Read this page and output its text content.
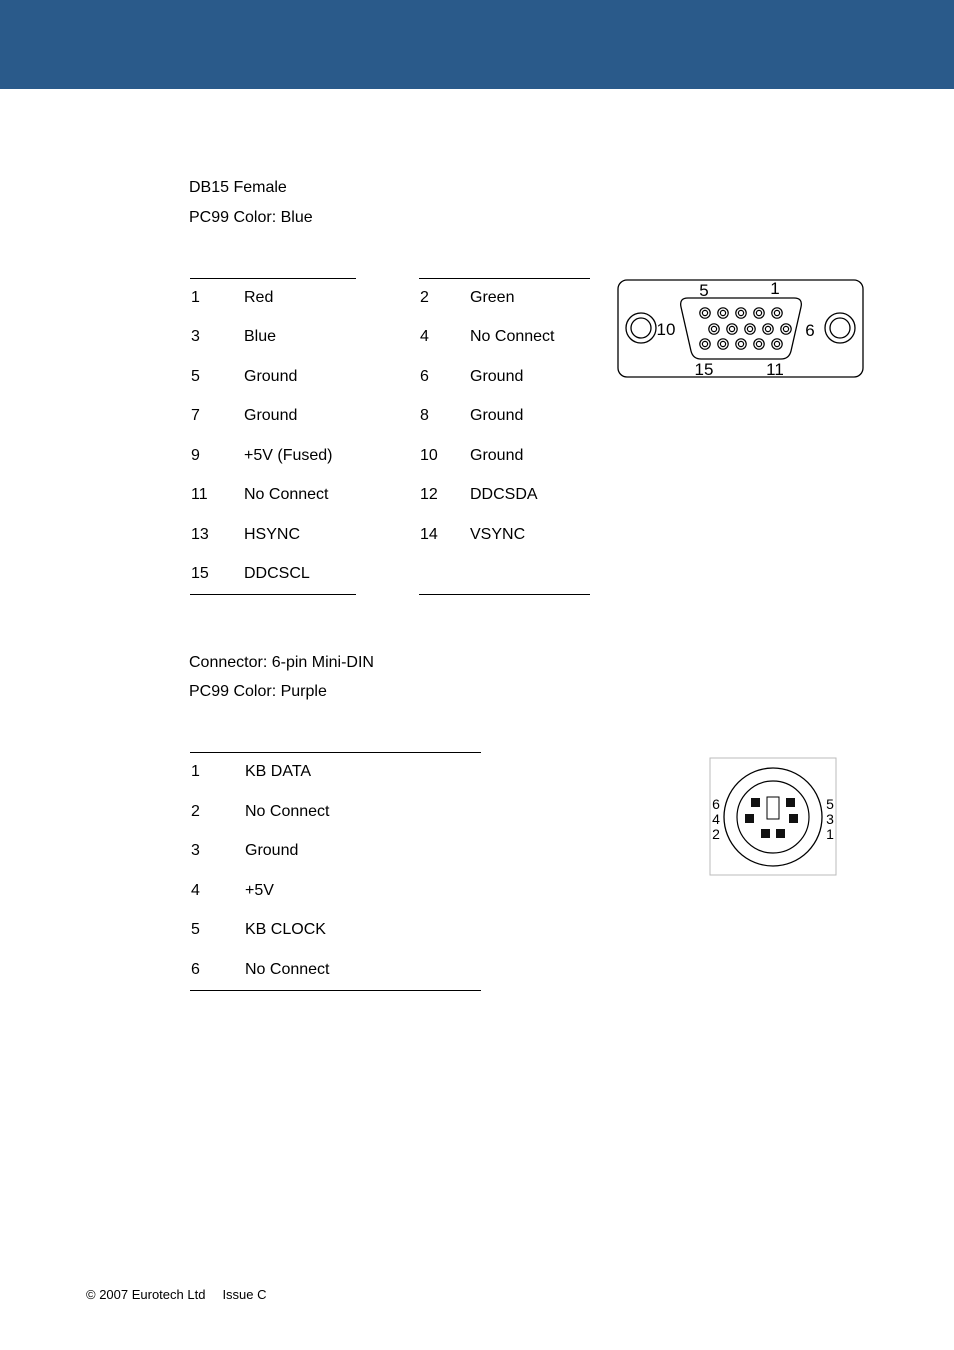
DB15 Female
PC99 Color: Blue
1	Red
3	Blue
5	Ground
7	Ground
9	+5V (Fused)
11 No Connect
13 HSYNC
15 DDCSCL
2	Green
4	No Connect
6	Ground
8	Ground
10 Ground
12 DDCSDA
14 VSYNC
5	1
10	6
15	11
Connector: 6-pin Mini-DIN
PC99 Color: Purple
1	KB DATA
2	No Connect
3	Ground
4	+5V
5	KB CLOCK
6	No Connect
6
4
2
5
3
1
© 2007 Eurotech Ltd Issue C
